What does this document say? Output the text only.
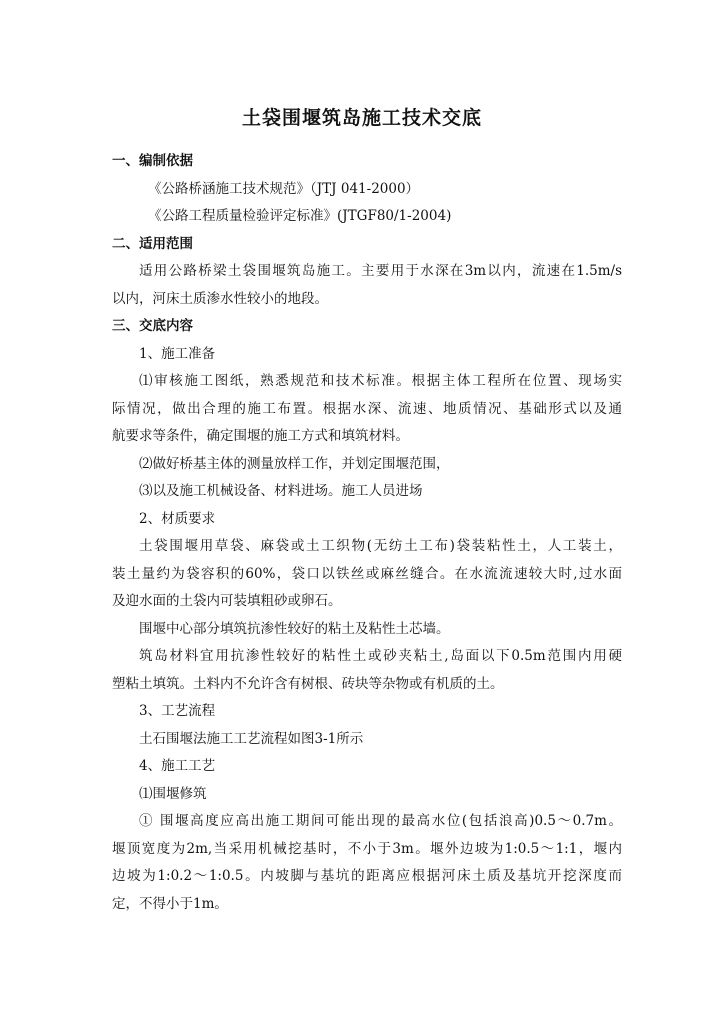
土袋围堰筑岛施工技术交底
一、编制依据
《公路桥涵施工技术规范》（JTJ 041-2000）
《公路工程质量检验评定标准》(JTGF80/1-2004)
二、适用范围
适用公路桥梁土袋围堰筑岛施工。主要用于水深在3m以内，流速在1.5m/s
以内，河床土质渗水性较小的地段。
三、交底内容
1、施工准备
⑴审核施工图纸，熟悉规范和技术标准。根据主体工程所在位置、现场实
际情况，做出合理的施工布置。根据水深、流速、地质情况、基础形式以及通
航要求等条件，确定围堰的施工方式和填筑材料。
⑵做好桥基主体的测量放样工作，并划定围堰范围，
⑶以及施工机械设备、材料进场。施工人员进场
2、材质要求
土袋围堰用草袋、麻袋或土工织物(无纺土工布)袋装粘性土，人工装土，
装土量约为袋容积的60%，袋口以铁丝或麻丝缝合。在水流流速较大时,过水面
及迎水面的土袋内可装填粗砂或卵石。
围堰中心部分填筑抗渗性较好的粘土及粘性土芯墙。
筑岛材料宜用抗渗性较好的粘性土或砂夹粘土,岛面以下0.5m范围内用硬
塑粘土填筑。土料内不允许含有树根、砖块等杂物或有机质的土。
3、工艺流程
土石围堰法施工工艺流程如图3-1所示
4、施工工艺
⑴围堰修筑
① 围堰高度应高出施工期间可能出现的最高水位(包括浪高)0.5～0.7m。
堰顶宽度为2m,当采用机械挖基时，不小于3m。堰外边坡为1:0.5～1:1，堰内
边坡为1:0.2～1:0.5。内坡脚与基坑的距离应根据河床土质及基坑开挖深度而
定，不得小于1m。
